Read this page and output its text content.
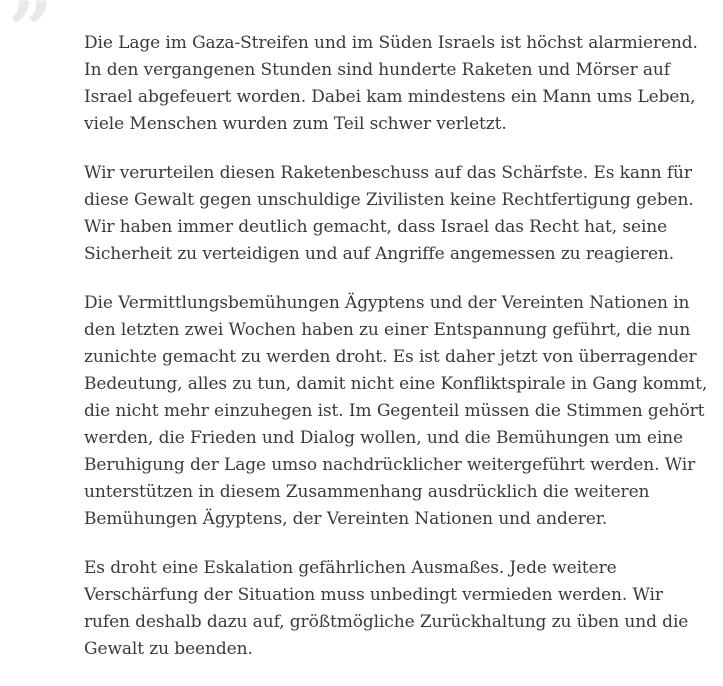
” Die Lage im Gaza-Streifen und im Süden Israels ist höchst alarmierend. In den vergangenen Stunden sind hunderte Raketen und Mörser auf Israel abgefeuert worden. Dabei kam mindestens ein Mann ums Leben, viele Menschen wurden zum Teil schwer verletzt.

Wir verurteilen diesen Raketenbeschuss auf das Schärfste. Es kann für diese Gewalt gegen unschuldige Zivilisten keine Rechtfertigung geben. Wir haben immer deutlich gemacht, dass Israel das Recht hat, seine Sicherheit zu verteidigen und auf Angriffe angemessen zu reagieren.

Die Vermittlungsbemühungen Ägyptens und der Vereinten Nationen in den letzten zwei Wochen haben zu einer Entspannung geführt, die nun zunichte gemacht zu werden droht. Es ist daher jetzt von überragender Bedeutung, alles zu tun, damit nicht eine Konfliktspirale in Gang kommt, die nicht mehr einzuhegen ist. Im Gegenteil müssen die Stimmen gehört werden, die Frieden und Dialog wollen, und die Bemühungen um eine Beruhigung der Lage umso nachdrücklicher weitergeführt werden. Wir unterstützen in diesem Zusammenhang ausdrücklich die weiteren Bemühungen Ägyptens, der Vereinten Nationen und anderer.

Es droht eine Eskalation gefährlichen Ausmaßes. Jede weitere Verschärfung der Situation muss unbedingt vermieden werden. Wir rufen deshalb dazu auf, größtmögliche Zurückhaltung zu üben und die Gewalt zu beenden.
